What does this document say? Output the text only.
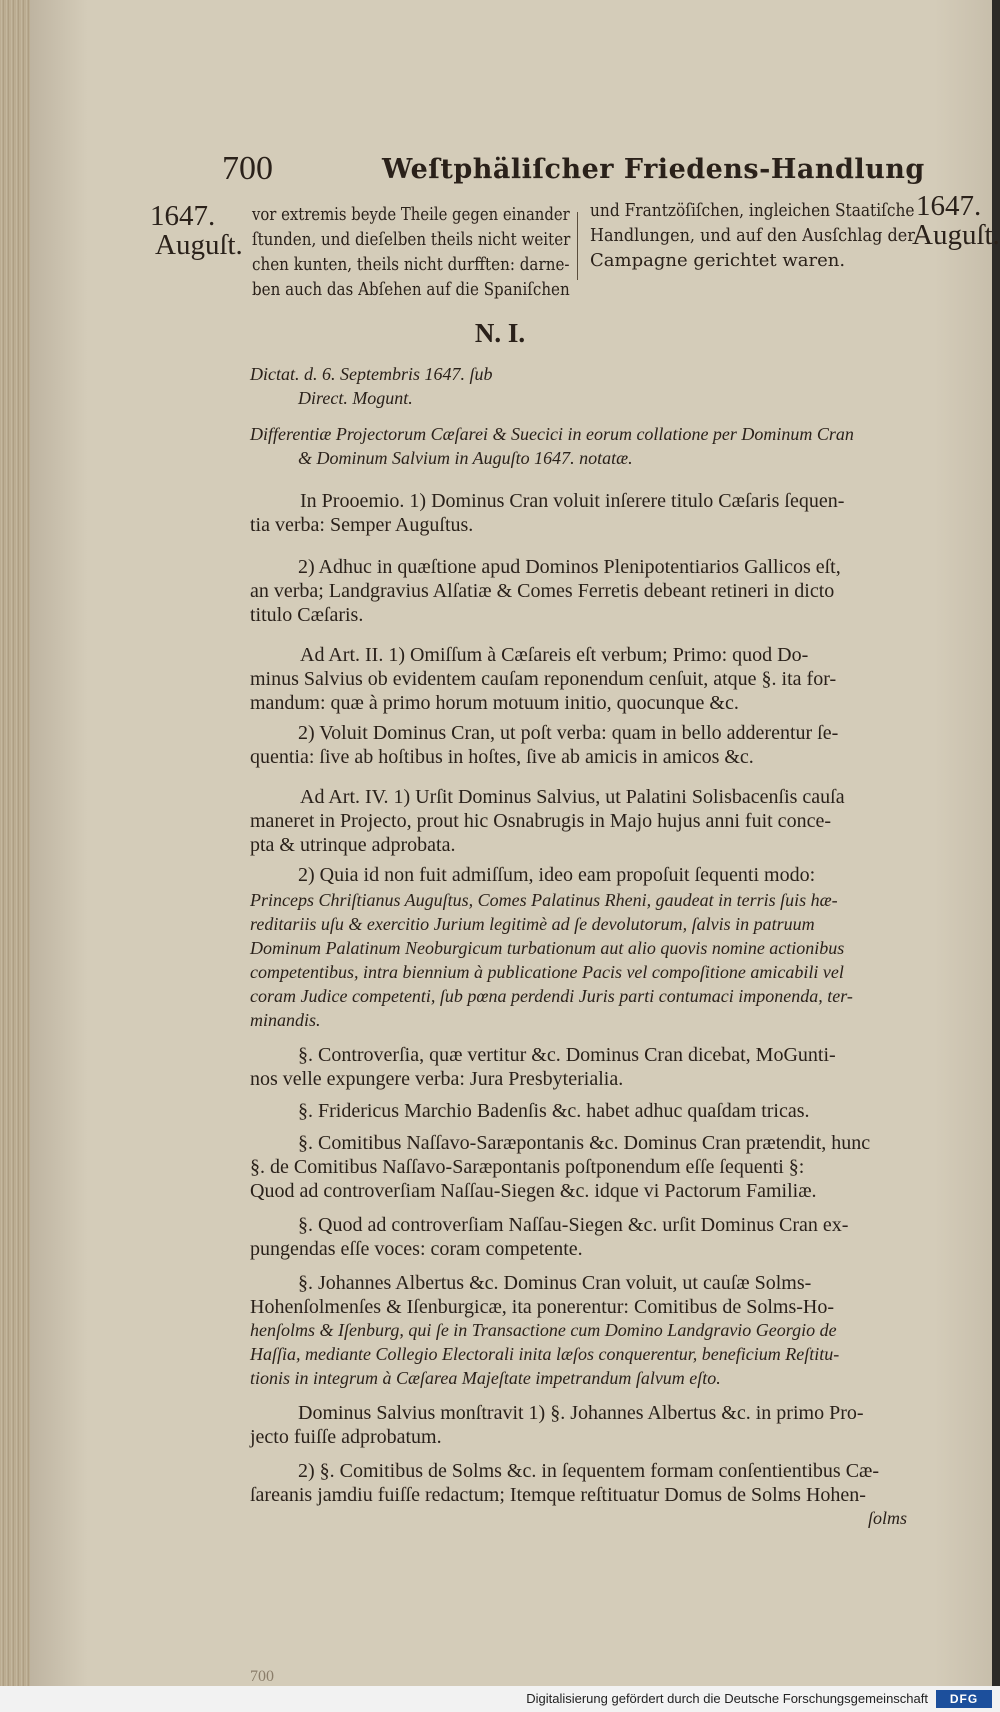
700	Weſtphäliſcher Friedens-Handlung
1647.
Auguſt.
1647.
Auguſt.
vor extremis beyde Theile gegen einander
ſtunden, und dieſelben theils nicht weiter
chen kunten, theils nicht durfften: darne-
ben auch das Abſehen auf die Spaniſchen
und Frantzöſiſchen, ingleichen Staatiſche
Handlungen, und auf den Ausſchlag der
Campagne gerichtet waren.
N. I.
Dictat. d. 6. Septembris 1647. ſub
Direct. Mogunt.
Differentiæ Projectorum Cæſarei & Suecici in eorum collatione per Dominum Cran
& Dominum Salvium in Auguſto 1647. notatæ.
In Prooemio. 1) Dominus Cran voluit inſerere titulo Cæſaris ſequen-
tia verba: Semper Auguſtus.
2) Adhuc in quæſtione apud Dominos Plenipotentiarios Gallicos eſt,
an verba; Landgravius Alſatiæ & Comes Ferretis debeant retineri in dicto
titulo Cæſaris.
Ad Art. II. 1) Omiſſum à Cæſareis eſt verbum; Primo: quod Do-
minus Salvius ob evidentem cauſam reponendum cenſuit, atque §. ita for-
mandum: quæ à primo horum motuum initio, quocunque &c.
2) Voluit Dominus Cran, ut poſt verba: quam in bello adderentur ſe-
quentia: ſive ab hoſtibus in hoſtes, ſive ab amicis in amicos &c.
Ad Art. IV. 1) Urſit Dominus Salvius, ut Palatini Solisbacenſis cauſa
maneret in Projecto, prout hic Osnabrugis in Majo hujus anni fuit conce-
pta & utrinque adprobata.
2) Quia id non fuit admiſſum, ideo eam propoſuit ſequenti modo:
Princeps Chriſtianus Auguſtus, Comes Palatinus Rheni, gaudeat in terris ſuis hæ-
reditariis uſu & exercitio Jurium legitimè ad ſe devolutorum, ſalvis in patruum
Dominum Palatinum Neoburgicum turbationum aut alio quovis nomine actionibus
competentibus, intra biennium à publicatione Pacis vel compoſitione amicabili vel
coram Judice competenti, ſub pœna perdendi Juris parti contumaci imponenda, ter-
minandis.
§. Controverſia, quæ vertitur &c. Dominus Cran dicebat, MoGunti-
nos velle expungere verba: Jura Presbyterialia.
§. Fridericus Marchio Badenſis &c. habet adhuc quaſdam tricas.
§. Comitibus Naſſavo-Saræpontanis &c. Dominus Cran prætendit, hunc
§. de Comitibus Naſſavo-Saræpontanis poſtponendum eſſe ſequenti §:
Quod ad controverſiam Naſſau-Siegen &c. idque vi Pactorum Familiæ.
§. Quod ad controverſiam Naſſau-Siegen &c. urſit Dominus Cran ex-
pungendas eſſe voces: coram competente.
§. Johannes Albertus &c. Dominus Cran voluit, ut cauſæ Solms-
Hohenſolmenſes & Iſenburgicæ, ita ponerentur: Comitibus de Solms-Ho-
henſolms & Iſenburg, qui ſe in Transactione cum Domino Landgravio Georgio de
Haſſia, mediante Collegio Electorali inita læſos conquerentur, beneficium Reſtitu-
tionis in integrum à Cæſarea Majeſtate impetrandum ſalvum eſto.
Dominus Salvius monſtravit 1) §. Johannes Albertus &c. in primo Pro-
jecto fuiſſe adprobatum.
2) §. Comitibus de Solms &c. in ſequentem formam conſentientibus Cæ-
ſareanis jamdiu fuiſſe redactum; Itemque reſtituatur Domus de Solms Hohen-
ſolms
700
Digitalisierung gefördert durch die Deutsche Forschungsgemeinschaft	DFG
